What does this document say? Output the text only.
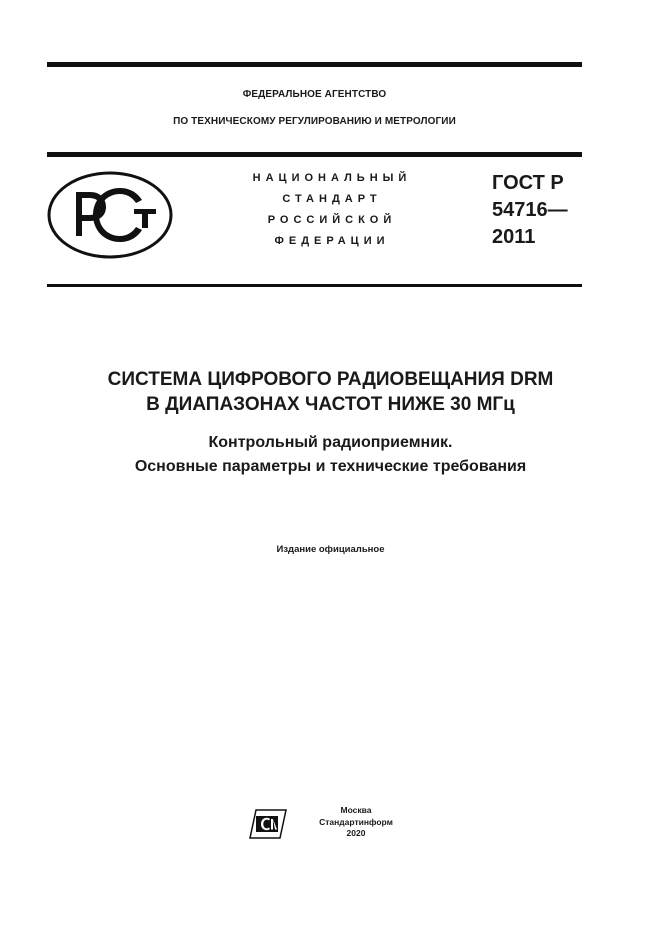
ФЕДЕРАЛЬНОЕ АГЕНТСТВО
ПО ТЕХНИЧЕСКОМУ РЕГУЛИРОВАНИЮ И МЕТРОЛОГИИ
НАЦИОНАЛЬНЫЙ
СТАНДАРТ
РОССИЙСКОЙ
ФЕДЕРАЦИИ
ГОСТ Р
54716—
2011
СИСТЕМА ЦИФРОВОГО РАДИОВЕЩАНИЯ DRM
В ДИАПАЗОНАХ ЧАСТОТ НИЖЕ 30 МГц
Контрольный радиоприемник.
Основные параметры и технические требования
Издание официальное
Москва
Стандартинформ
2020
